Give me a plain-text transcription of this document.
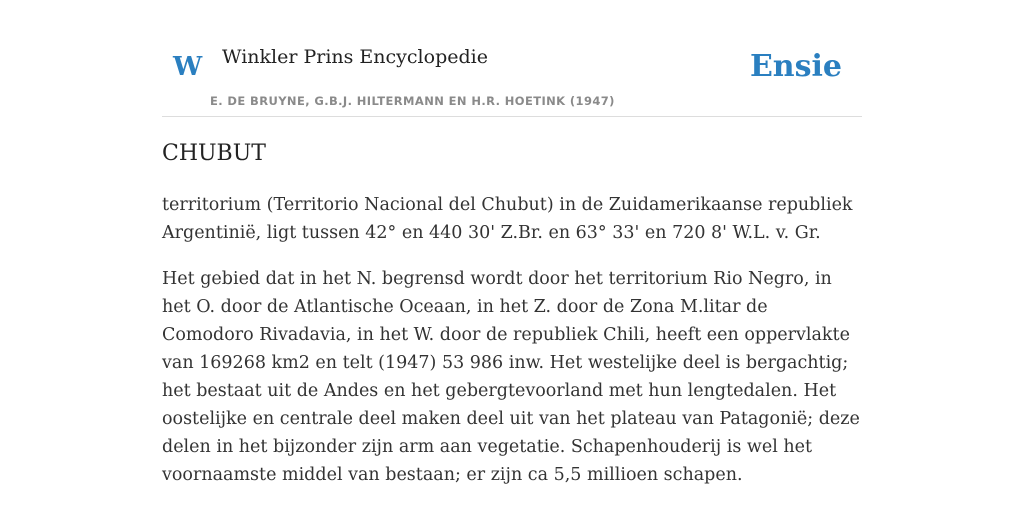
W Winkler Prins Encyclopedie
E. DE BRUYNE, G.B.J. HILTERMANN EN H.R. HOETINK (1947)
Ensie
CHUBUT

territorium (Territorio Nacional del Chubut) in de Zuidamerikaanse republiek Argentinië, ligt tussen 42° en 440 30' Z.Br. en 63° 33' en 720 8' W.L. v. Gr.

Het gebied dat in het N. begrensd wordt door het territorium Rio Negro, in het O. door de Atlantische Oceaan, in het Z. door de Zona M.litar de Comodoro Rivadavia, in het W. door de republiek Chili, heeft een oppervlakte van 169268 km2 en telt (1947) 53 986 inw. Het westelijke deel is bergachtig; het bestaat uit de Andes en het gebergtevoorland met hun lengtedalen. Het oostelijke en centrale deel maken deel uit van het plateau van Patagonië; deze delen in het bijzonder zijn arm aan vegetatie. Schapenhouderij is wel het voornaamste middel van bestaan; er zijn ca 5,5 millioen schapen.
